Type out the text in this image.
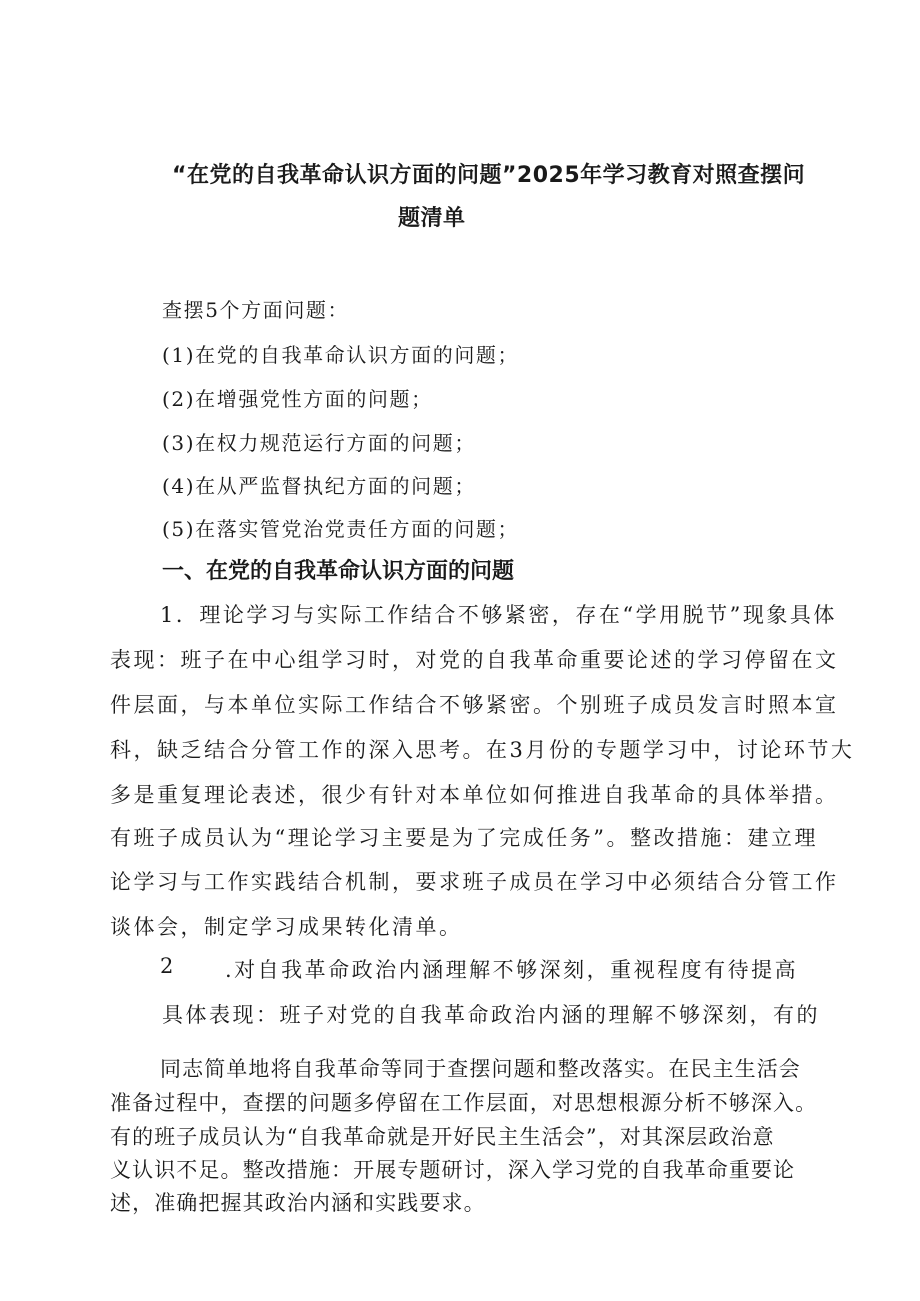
“在党的自我革命认识方面的问题”2025年学习教育对照查摆问

题清单

查摆5个方面问题：

(1)在党的自我革命认识方面的问题；

(2)在增强党性方面的问题；

(3)在权力规范运行方面的问题；

(4)在从严监督执纪方面的问题；

(5)在落实管党治党责任方面的问题；

一、在党的自我革命认识方面的问题

1．理论学习与实际工作结合不够紧密，存在“学用脱节”现象具体

表现：班子在中心组学习时，对党的自我革命重要论述的学习停留在文

件层面，与本单位实际工作结合不够紧密。个别班子成员发言时照本宣

科，缺乏结合分管工作的深入思考。在3月份的专题学习中，讨论环节大

多是重复理论表述，很少有针对本单位如何推进自我革命的具体举措。

有班子成员认为“理论学习主要是为了完成任务”。整改措施：建立理

论学习与工作实践结合机制，要求班子成员在学习中必须结合分管工作

谈体会，制定学习成果转化清单。

2 .对自我革命政治内涵理解不够深刻，重视程度有待提高

具体表现：班子对党的自我革命政治内涵的理解不够深刻，有的

同志简单地将自我革命等同于查摆问题和整改落实。在民主生活会

准备过程中，查摆的问题多停留在工作层面，对思想根源分析不够深入。

有的班子成员认为“自我革命就是开好民主生活会”，对其深层政治意

义认识不足。整改措施：开展专题研讨，深入学习党的自我革命重要论

述，准确把握其政治内涵和实践要求。
